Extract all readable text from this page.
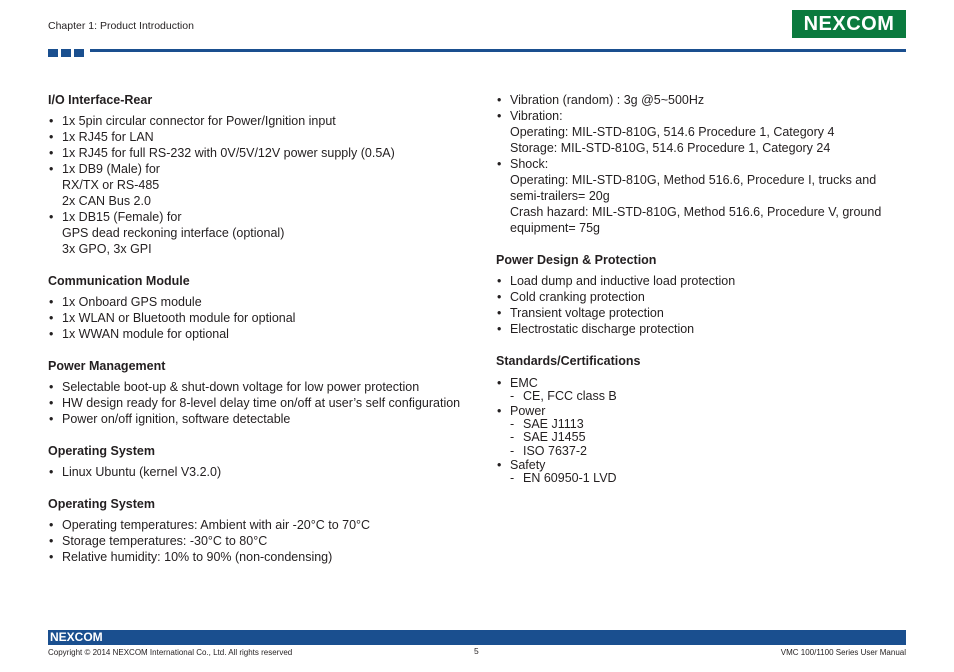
Chapter 1: Product Introduction	NEXCOM
I/O Interface-Rear
• 1x 5pin circular connector for Power/Ignition input
• 1x RJ45 for LAN
• 1x RJ45 for full RS-232 with 0V/5V/12V power supply (0.5A)
• 1x DB9 (Male) for
RX/TX or RS-485
2x CAN Bus 2.0
• 1x DB15 (Female) for
GPS dead reckoning interface (optional)
3x GPO, 3x GPI
Communication Module
• 1x Onboard GPS module
• 1x WLAN or Bluetooth module for optional
• 1x WWAN module for optional
Power Management
• Selectable boot-up & shut-down voltage for low power protection
• HW design ready for 8-level delay time on/off at user’s self configuration
• Power on/off ignition, software detectable
Operating System
• Linux Ubuntu (kernel V3.2.0)
Operating System
• Operating temperatures: Ambient with air -20°C to 70°C
• Storage temperatures: -30°C to 80°C
• Relative humidity: 10% to 90% (non-condensing)
• Vibration (random) : 3g @5~500Hz
• Vibration:
Operating: MIL-STD-810G, 514.6 Procedure 1, Category 4
Storage: MIL-STD-810G, 514.6 Procedure 1, Category 24
• Shock:
Operating: MIL-STD-810G, Method 516.6, Procedure I, trucks and
semi-trailers= 20g
Crash hazard: MIL-STD-810G, Method 516.6, Procedure V, ground
equipment= 75g
Power Design & Protection
• Load dump and inductive load protection
• Cold cranking protection
• Transient voltage protection
• Electrostatic discharge protection
Standards/Certifications
• EMC
- CE, FCC class B
• Power
- SAE J1113
- SAE J1455
- ISO 7637-2
• Safety
- EN 60950-1 LVD
NEXCOM
Copyright © 2014 NEXCOM International Co., Ltd. All rights reserved	5	VMC 100/1100 Series User Manual
